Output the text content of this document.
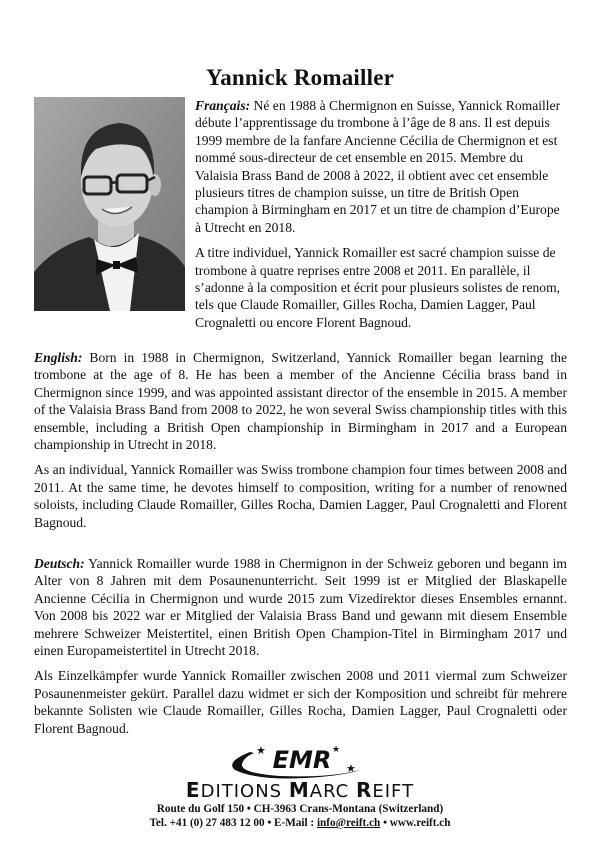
Yannick Romailler

Français: Né en 1988 à Chermignon en Suisse, Yannick Romailler débute l’apprentissage du trombone à l’âge de 8 ans. Il est depuis 1999 membre de la fanfare Ancienne Cécilia de Chermignon et est nommé sous-directeur de cet ensemble en 2015. Membre du Valaisia Brass Band de 2008 à 2022, il obtient avec cet ensemble plusieurs titres de champion suisse, un titre de British Open champion à Birmingham en 2017 et un titre de champion d’Europe à Utrecht en 2018.

A titre individuel, Yannick Romailler est sacré champion suisse de trombone à quatre reprises entre 2008 et 2011. En parallèle, il s’adonne à la composition et écrit pour plusieurs solistes de renom, tels que Claude Romailler, Gilles Rocha, Damien Lagger, Paul Crognaletti ou encore Florent Bagnoud.

English: Born in 1988 in Chermignon, Switzerland, Yannick Romailler began learning the trombone at the age of 8. He has been a member of the Ancienne Cécilia brass band in Chermignon since 1999, and was appointed assistant director of the ensemble in 2015. A member of the Valaisia Brass Band from 2008 to 2022, he won several Swiss championship titles with this ensemble, including a British Open championship in Birmingham in 2017 and a European championship in Utrecht in 2018.

As an individual, Yannick Romailler was Swiss trombone champion four times between 2008 and 2011. At the same time, he devotes himself to composition, writing for a number of renowned soloists, including Claude Romailler, Gilles Rocha, Damien Lagger, Paul Crognaletti and Florent Bagnoud.

Deutsch: Yannick Romailler wurde 1988 in Chermignon in der Schweiz geboren und begann im Alter von 8 Jahren mit dem Posaunenunterricht. Seit 1999 ist er Mitglied der Blaskapelle Ancienne Cécilia in Chermignon und wurde 2015 zum Vizedirektor dieses Ensembles ernannt. Von 2008 bis 2022 war er Mitglied der Valaisia Brass Band und gewann mit diesem Ensemble mehrere Schweizer Meistertitel, einen British Open Champion-Titel in Birmingham 2017 und einen Europameistertitel in Utrecht 2018.

Als Einzelkämpfer wurde Yannick Romailler zwischen 2008 und 2011 viermal zum Schweizer Posaunenmeister gekürt. Parallel dazu widmet er sich der Komposition und schreibt für mehrere bekannte Solisten wie Claude Romailler, Gilles Rocha, Damien Lagger, Paul Crognaletti oder Florent Bagnoud.

EMR
★	★
★
EDITIONS MARC REIFT
Route du Golf 150 • CH-3963 Crans-Montana (Switzerland)
Tel. +41 (0) 27 483 12 00 • E-Mail : info@reift.ch • www.reift.ch
